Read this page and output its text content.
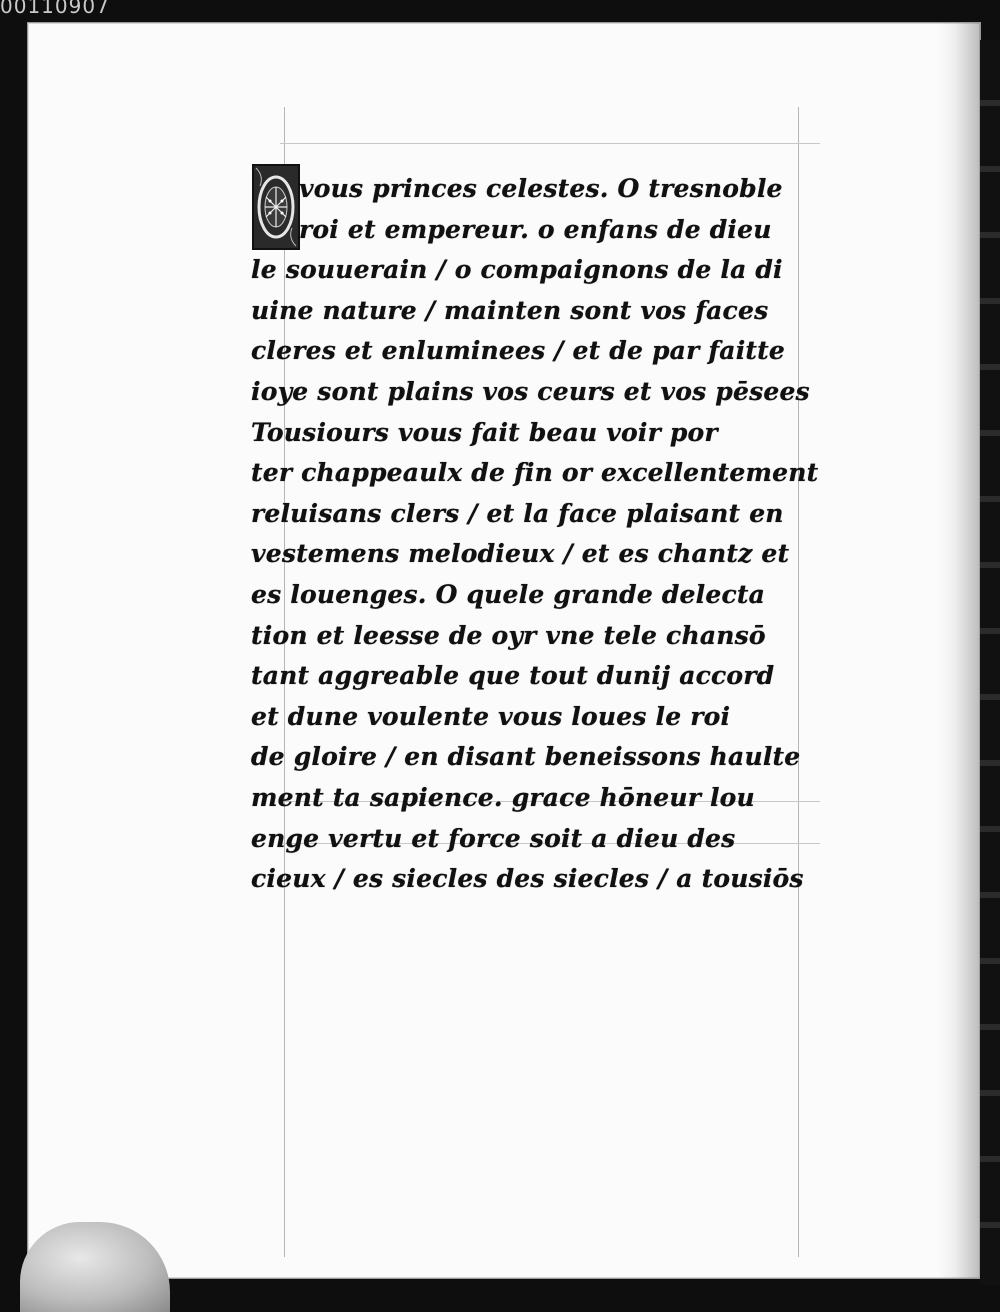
00110907
vous princes celestes. O tresnoble
roi et empereur. o enfans de dieu
le souuerain / o compaignons de la di
uine nature / mainten sont vos faces
cleres et enluminees / et de par faitte
ioye sont plains vos ceurs et vos pēsees
Tousiours vous fait beau voir por
ter chappeaulx de fin or excellentement
reluisans clers / et la face plaisant en
vestemens melodieux / et es chantz et
es louenges. O quele grande delecta
tion et leesse de oyr vne tele chansō
tant aggreable que tout dunij accord
et dune voulente vous loues le roi
de gloire / en disant beneissons haulte
ment ta sapience. grace hōneur lou
enge vertu et force soit a dieu des
cieux / es siecles des siecles / a tousiōs
